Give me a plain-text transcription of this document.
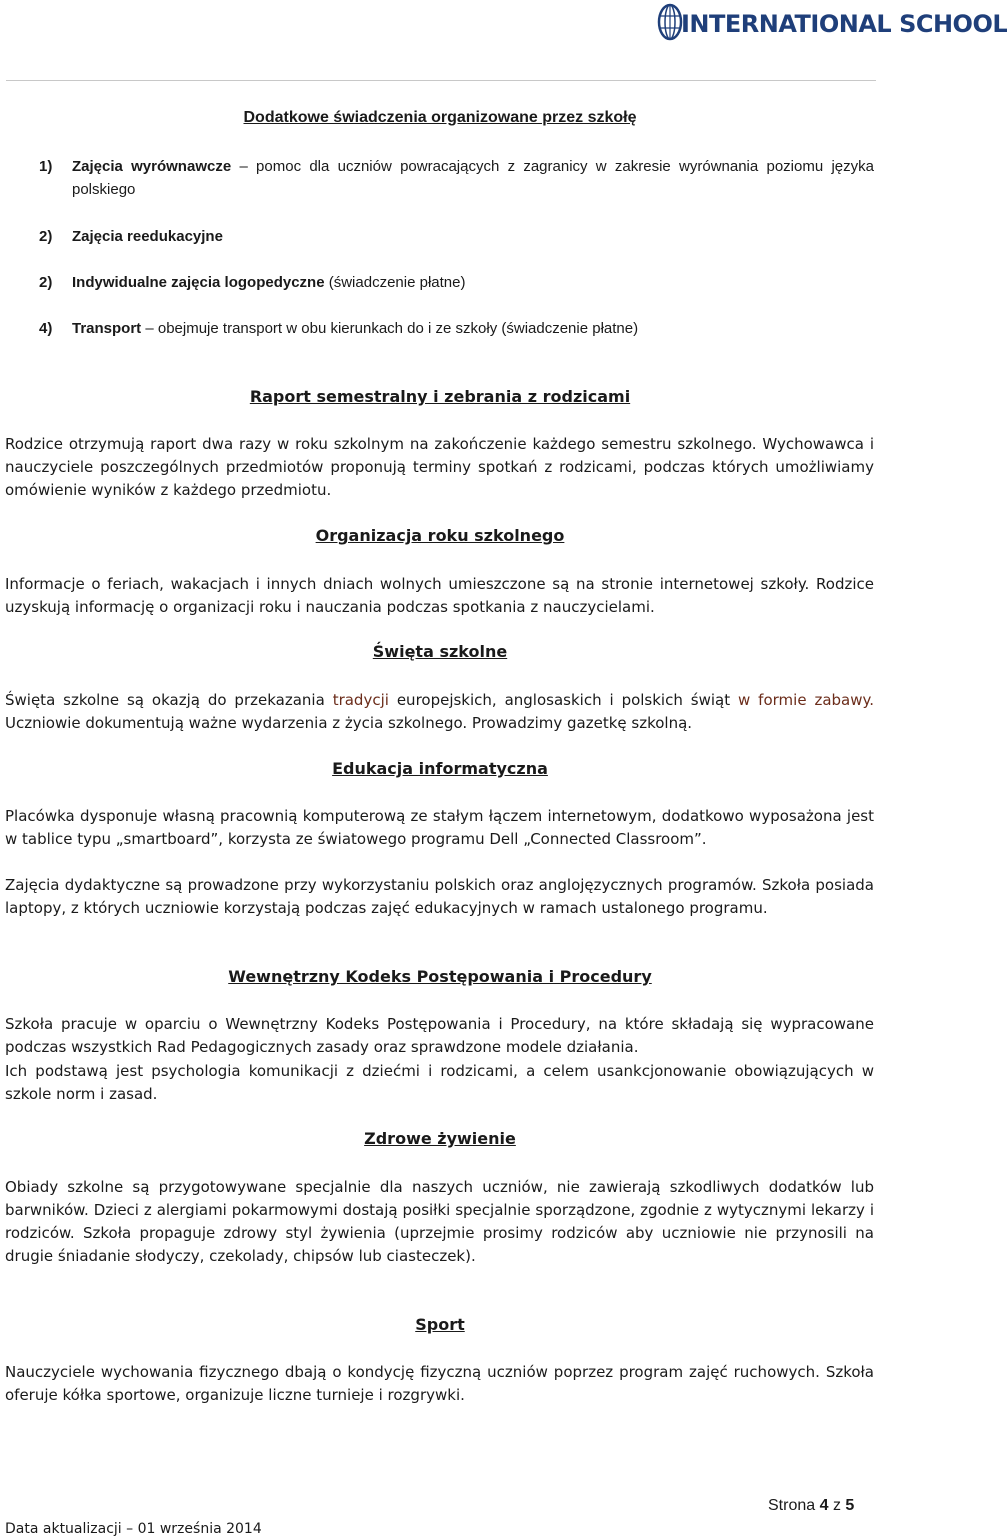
INTERNATIONAL SCHOOL
Dodatkowe świadczenia organizowane przez szkołę
1) Zajęcia wyrównawcze – pomoc dla uczniów powracających z zagranicy w zakresie wyrównania poziomu języka polskiego
2) Zajęcia reedukacyjne
2) Indywidualne zajęcia logopedyczne (świadczenie płatne)
4) Transport – obejmuje transport w obu kierunkach do i ze szkoły (świadczenie płatne)
Raport semestralny i zebrania z rodzicami
Rodzice otrzymują raport dwa razy w roku szkolnym na zakończenie każdego semestru szkolnego. Wychowawca i nauczyciele poszczególnych przedmiotów proponują terminy spotkań z rodzicami, podczas których umożliwiamy omówienie wyników z każdego przedmiotu.
Organizacja roku szkolnego
Informacje o feriach, wakacjach i innych dniach wolnych umieszczone są na stronie internetowej szkoły. Rodzice uzyskują informację o organizacji roku i nauczania podczas spotkania z nauczycielami.
Święta szkolne
Święta szkolne są okazją do przekazania tradycji europejskich, anglosaskich i polskich świąt w formie zabawy. Uczniowie dokumentują ważne wydarzenia z życia szkolnego. Prowadzimy gazetkę szkolną.
Edukacja informatyczna
Placówka dysponuje własną pracownią komputerową ze stałym łączem internetowym, dodatkowo wyposażona jest w tablice typu „smartboard”, korzysta ze światowego programu Dell „Connected Classroom”.
Zajęcia dydaktyczne są prowadzone przy wykorzystaniu polskich oraz anglojęzycznych programów. Szkoła posiada laptopy, z których uczniowie korzystają podczas zajęć edukacyjnych w ramach ustalonego programu.
Wewnętrzny Kodeks Postępowania i Procedury
Szkoła pracuje w oparciu o Wewnętrzny Kodeks Postępowania i Procedury, na które składają się wypracowane podczas wszystkich Rad Pedagogicznych zasady oraz sprawdzone modele działania.
Ich podstawą jest psychologia komunikacji z dziećmi i rodzicami, a celem usankcjonowanie obowiązujących w szkole norm i zasad.
Zdrowe żywienie
Obiady szkolne są przygotowywane specjalnie dla naszych uczniów, nie zawierają szkodliwych dodatków lub barwników. Dzieci z alergiami pokarmowymi dostają posiłki specjalnie sporządzone, zgodnie z wytycznymi lekarzy i rodziców. Szkoła propaguje zdrowy styl żywienia (uprzejmie prosimy rodziców aby uczniowie nie przynosili na drugie śniadanie słodyczy, czekolady, chipsów lub ciasteczek).
Sport
Nauczyciele wychowania fizycznego dbają o kondycję fizyczną uczniów poprzez program zajęć ruchowych. Szkoła oferuje kółka sportowe, organizuje liczne turnieje i rozgrywki.
Strona 4 z 5
Data aktualizacji – 01 września 2014
